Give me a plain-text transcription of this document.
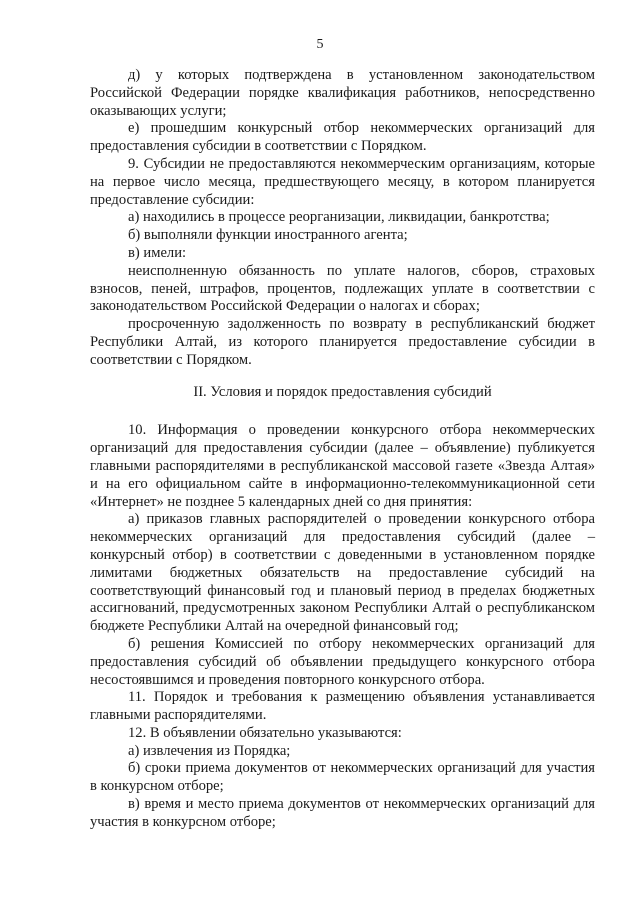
5

д) у которых подтверждена в установленном законодательством Российской Федерации порядке квалификация работников, непосредственно оказывающих услуги;

е) прошедшим конкурсный отбор некоммерческих организаций для предоставления субсидии в соответствии с Порядком.

9. Субсидии не предоставляются некоммерческим организациям, которые на первое число месяца, предшествующего месяцу, в котором планируется предоставление субсидии:

а) находились в процессе реорганизации, ликвидации, банкротства;

б) выполняли функции иностранного агента;

в) имели:

неисполненную обязанность по уплате налогов, сборов, страховых взносов, пеней, штрафов, процентов, подлежащих уплате в соответствии с законодательством Российской Федерации о налогах и сборах;

просроченную задолженность по возврату в республиканский бюджет Республики Алтай, из которого планируется предоставление субсидии в соответствии с Порядком.

II. Условия и порядок предоставления субсидий

10. Информация о проведении конкурсного отбора некоммерческих организаций для предоставления субсидии (далее – объявление) публикуется главными распорядителями в республиканской массовой газете «Звезда Алтая» и на его официальном сайте в информационно-телекоммуникационной сети «Интернет» не позднее 5 календарных дней со дня принятия:

а) приказов главных распорядителей о проведении конкурсного отбора некоммерческих организаций для предоставления субсидий (далее – конкурсный отбор) в соответствии с доведенными в установленном порядке лимитами бюджетных обязательств на предоставление субсидий на соответствующий финансовый год и плановый период в пределах бюджетных ассигнований, предусмотренных законом Республики Алтай о республиканском бюджете Республики Алтай на очередной финансовый год;

б) решения Комиссией по отбору некоммерческих организаций для предоставления субсидий об объявлении предыдущего конкурсного отбора несостоявшимся и проведения повторного конкурсного отбора.

11. Порядок и требования к размещению объявления устанавливается главными распорядителями.

12. В объявлении обязательно указываются:

а) извлечения из Порядка;

б) сроки приема документов от некоммерческих организаций для участия в конкурсном отборе;

в) время и место приема документов от некоммерческих организаций для участия в конкурсном отборе;
